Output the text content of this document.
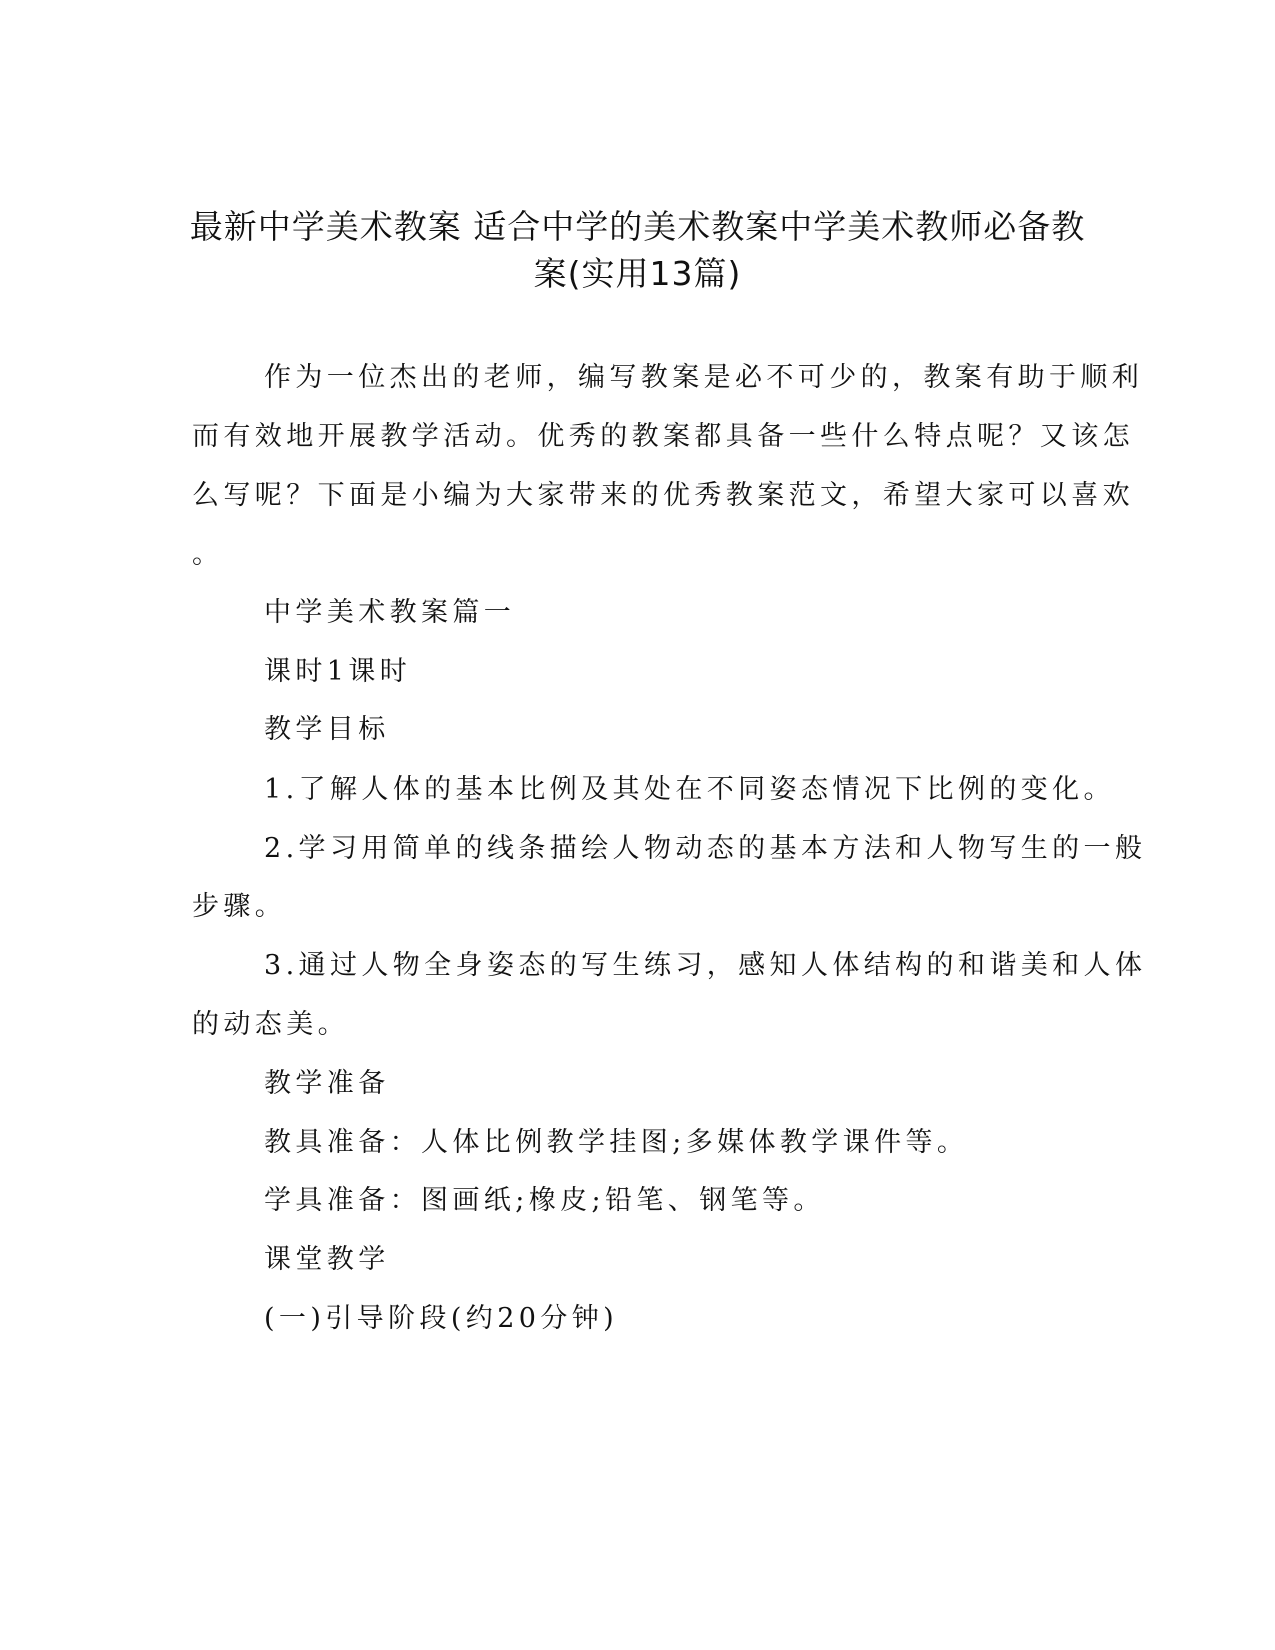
最新中学美术教案 适合中学的美术教案中学美术教师必备教
案(实用13篇)
作为一位杰出的老师，编写教案是必不可少的，教案有助于顺利
而有效地开展教学活动。优秀的教案都具备一些什么特点呢？又该怎
么写呢？下面是小编为大家带来的优秀教案范文，希望大家可以喜欢
。
中学美术教案篇一
课时1课时
教学目标
1.了解人体的基本比例及其处在不同姿态情况下比例的变化。
2.学习用简单的线条描绘人物动态的基本方法和人物写生的一般
步骤。
3.通过人物全身姿态的写生练习，感知人体结构的和谐美和人体
的动态美。
教学准备
教具准备：人体比例教学挂图;多媒体教学课件等。
学具准备：图画纸;橡皮;铅笔、钢笔等。
课堂教学
(一)引导阶段(约20分钟)
